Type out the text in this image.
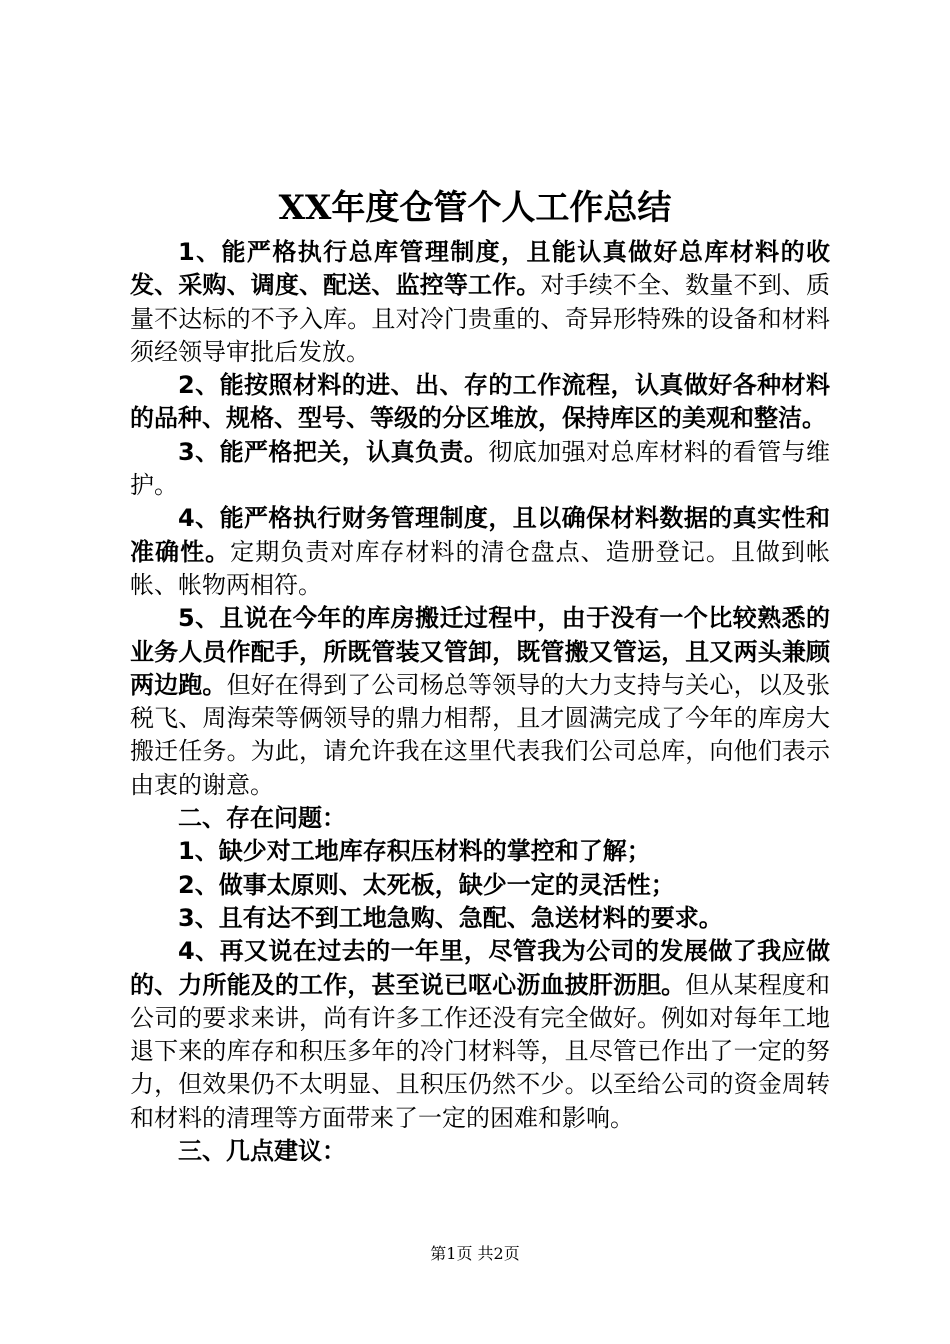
XX年度仓管个人工作总结

1、能严格执行总库管理制度，且能认真做好总库材料的收发、采购、调度、配送、监控等工作。对手续不全、数量不到、质量不达标的不予入库。且对冷门贵重的、奇异形特殊的设备和材料须经领导审批后发放。

2、能按照材料的进、出、存的工作流程，认真做好各种材料的品种、规格、型号、等级的分区堆放，保持库区的美观和整洁。

3、能严格把关，认真负责。彻底加强对总库材料的看管与维护。

4、能严格执行财务管理制度，且以确保材料数据的真实性和准确性。定期负责对库存材料的清仓盘点、造册登记。且做到帐帐、帐物两相符。

5、且说在今年的库房搬迁过程中，由于没有一个比较熟悉的业务人员作配手，所既管装又管卸，既管搬又管运，且又两头兼顾两边跑。但好在得到了公司杨总等领导的大力支持与关心，以及张税飞、周海荣等俩领导的鼎力相帮，且才圆满完成了今年的库房大搬迁任务。为此，请允许我在这里代表我们公司总库，向他们表示由衷的谢意。

二、存在问题：

1、缺少对工地库存积压材料的掌控和了解；

2、做事太原则、太死板，缺少一定的灵活性；

3、且有达不到工地急购、急配、急送材料的要求。

4、再又说在过去的一年里，尽管我为公司的发展做了我应做的、力所能及的工作，甚至说已呕心沥血披肝沥胆。但从某程度和公司的要求来讲，尚有许多工作还没有完全做好。例如对每年工地退下来的库存和积压多年的冷门材料等，且尽管已作出了一定的努力，但效果仍不太明显、且积压仍然不少。以至给公司的资金周转和材料的清理等方面带来了一定的困难和影响。

三、几点建议：

第1页 共2页
